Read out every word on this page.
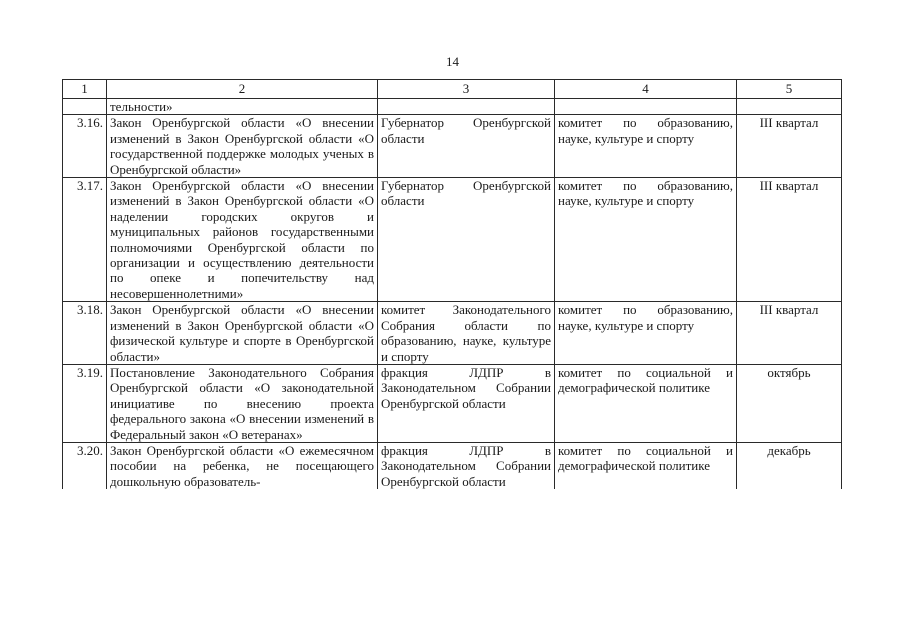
14
1	2	3	4	5
	тельности»			
3.16.	Закон Оренбургской области «О внесении изменений в Закон Оренбургской области «О государственной поддержке молодых ученых в Оренбургской области»	Губернатор Оренбургской области	комитет по образованию, науке, культуре и спорту	III квартал
3.17.	Закон Оренбургской области «О внесении изменений в Закон Оренбургской области «О наделении городских округов и муниципальных районов государственными полномочиями Оренбургской области по организации и осуществлению деятельности по опеке и попечительству над несовершеннолетними»	Губернатор Оренбургской области	комитет по образованию, науке, культуре и спорту	III квартал
3.18.	Закон Оренбургской области «О внесении изменений в Закон Оренбургской области «О физической культуре и спорте в Оренбургской области»	комитет Законодательного Собрания области по образованию, науке, культуре и спорту	комитет по образованию, науке, культуре и спорту	III квартал
3.19.	Постановление Законодательного Собрания Оренбургской области «О законодательной инициативе по внесению проекта федерального закона «О внесении изменений в Федеральный закон «О ветеранах»	фракция ЛДПР в Законодательном Собрании Оренбургской области	комитет по социальной и демографической политике	октябрь
3.20.	Закон Оренбургской области «О ежемесячном пособии на ребенка, не посещающего дошкольную образователь-	фракция ЛДПР в Законодательном Собрании Оренбургской области	комитет по социальной и демографической политике	декабрь
